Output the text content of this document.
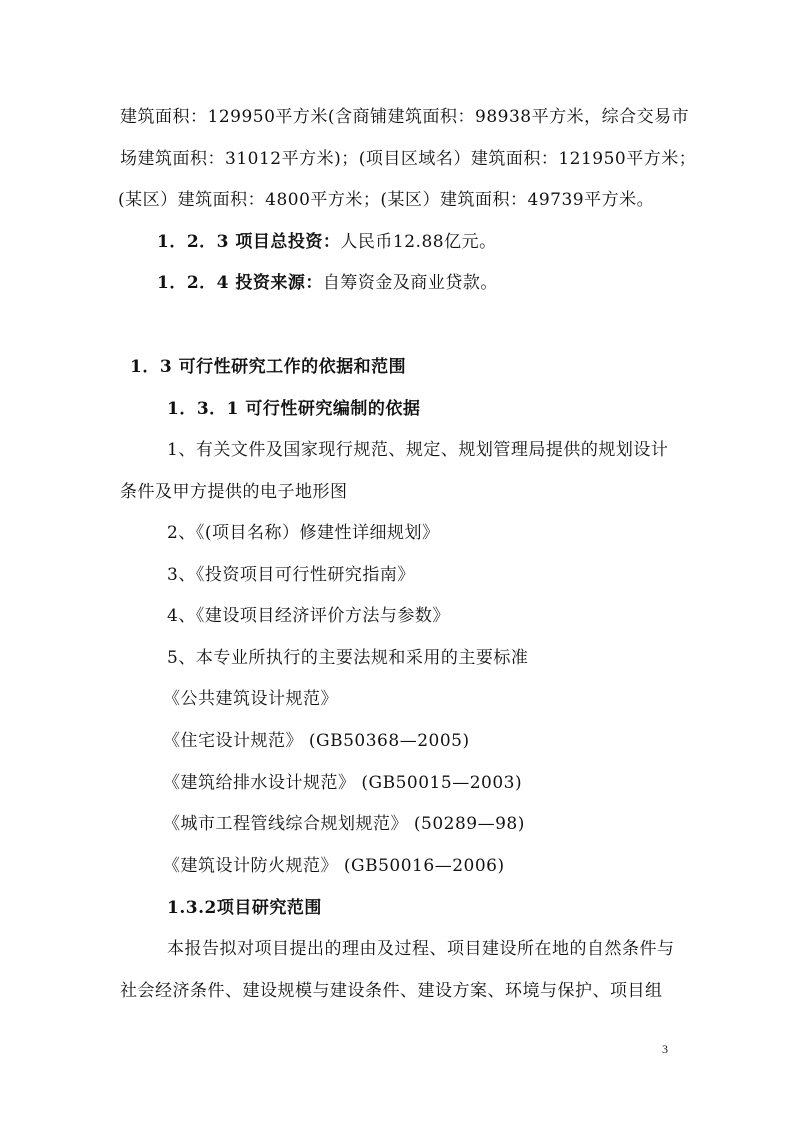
建筑面积：129950平方米(含商铺建筑面积：98938平方米，综合交易市
场建筑面积：31012平方米)；(项目区域名）建筑面积：121950平方米；
(某区）建筑面积：4800平方米；(某区）建筑面积：49739平方米。
1．2．3 项目总投资：人民币12.88亿元。
1．2．4 投资来源：自筹资金及商业贷款。
1．3 可行性研究工作的依据和范围
1．3．1 可行性研究编制的依据
1、有关文件及国家现行规范、规定、规划管理局提供的规划设计
条件及甲方提供的电子地形图
2、《(项目名称）修建性详细规划》
3、《投资项目可行性研究指南》
4、《建设项目经济评价方法与参数》
5、本专业所执行的主要法规和采用的主要标准
《公共建筑设计规范》
《住宅设计规范》 (GB50368—2005)
《建筑给排水设计规范》 (GB50015—2003)
《城市工程管线综合规划规范》 (50289—98)
《建筑设计防火规范》 (GB50016—2006)
1.3.2项目研究范围
本报告拟对项目提出的理由及过程、项目建设所在地的自然条件与
社会经济条件、建设规模与建设条件、建设方案、环境与保护、项目组
3
